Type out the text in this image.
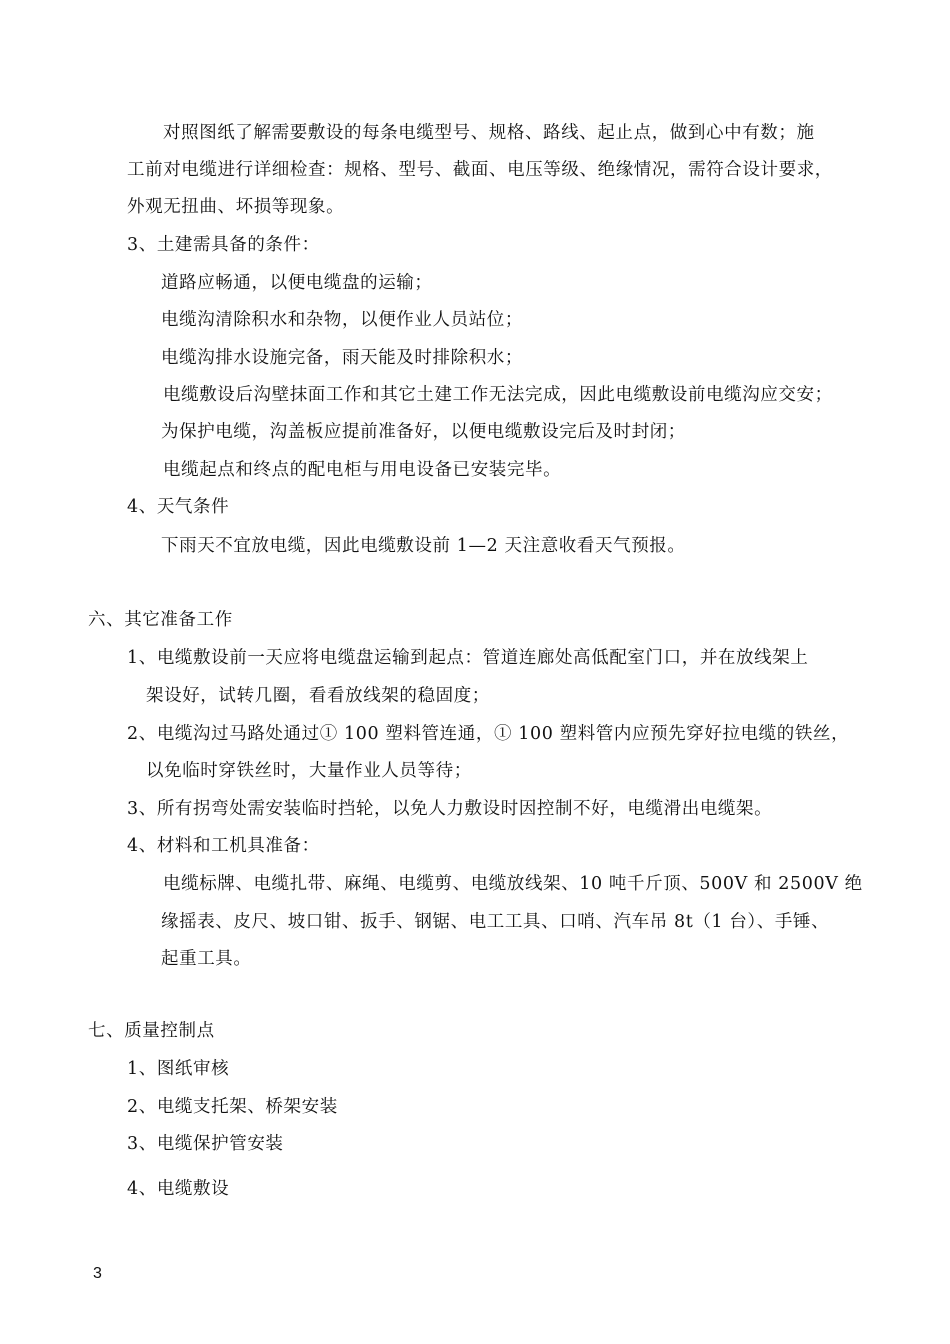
对照图纸了解需要敷设的每条电缆型号、规格、路线、起止点，做到心中有数；施
工前对电缆进行详细检查：规格、型号、截面、电压等级、绝缘情况，需符合设计要求，
外观无扭曲、坏损等现象。
3、土建需具备的条件：
道路应畅通，以便电缆盘的运输；
电缆沟清除积水和杂物，以便作业人员站位；
电缆沟排水设施完备，雨天能及时排除积水；
电缆敷设后沟壁抹面工作和其它土建工作无法完成，因此电缆敷设前电缆沟应交安；
为保护电缆，沟盖板应提前准备好，以便电缆敷设完后及时封闭；
电缆起点和终点的配电柜与用电设备已安装完毕。
4、天气条件
下雨天不宜放电缆，因此电缆敷设前 1—2 天注意收看天气预报。
六、其它准备工作
1、电缆敷设前一天应将电缆盘运输到起点：管道连廊处高低配室门口，并在放线架上
架设好，试转几圈，看看放线架的稳固度；
2、电缆沟过马路处通过① 100 塑料管连通，① 100 塑料管内应预先穿好拉电缆的铁丝，
以免临时穿铁丝时，大量作业人员等待；
3、所有拐弯处需安装临时挡轮，以免人力敷设时因控制不好，电缆滑出电缆架。
4、材料和工机具准备：
电缆标牌、电缆扎带、麻绳、电缆剪、电缆放线架、10 吨千斤顶、500V 和 2500V 绝
缘摇表、皮尺、坡口钳、扳手、钢锯、电工工具、口哨、汽车吊 8t（1 台）、手锤、
起重工具。
七、质量控制点
1、图纸审核
2、电缆支托架、桥架安装
3、电缆保护管安装
4、电缆敷设
3
